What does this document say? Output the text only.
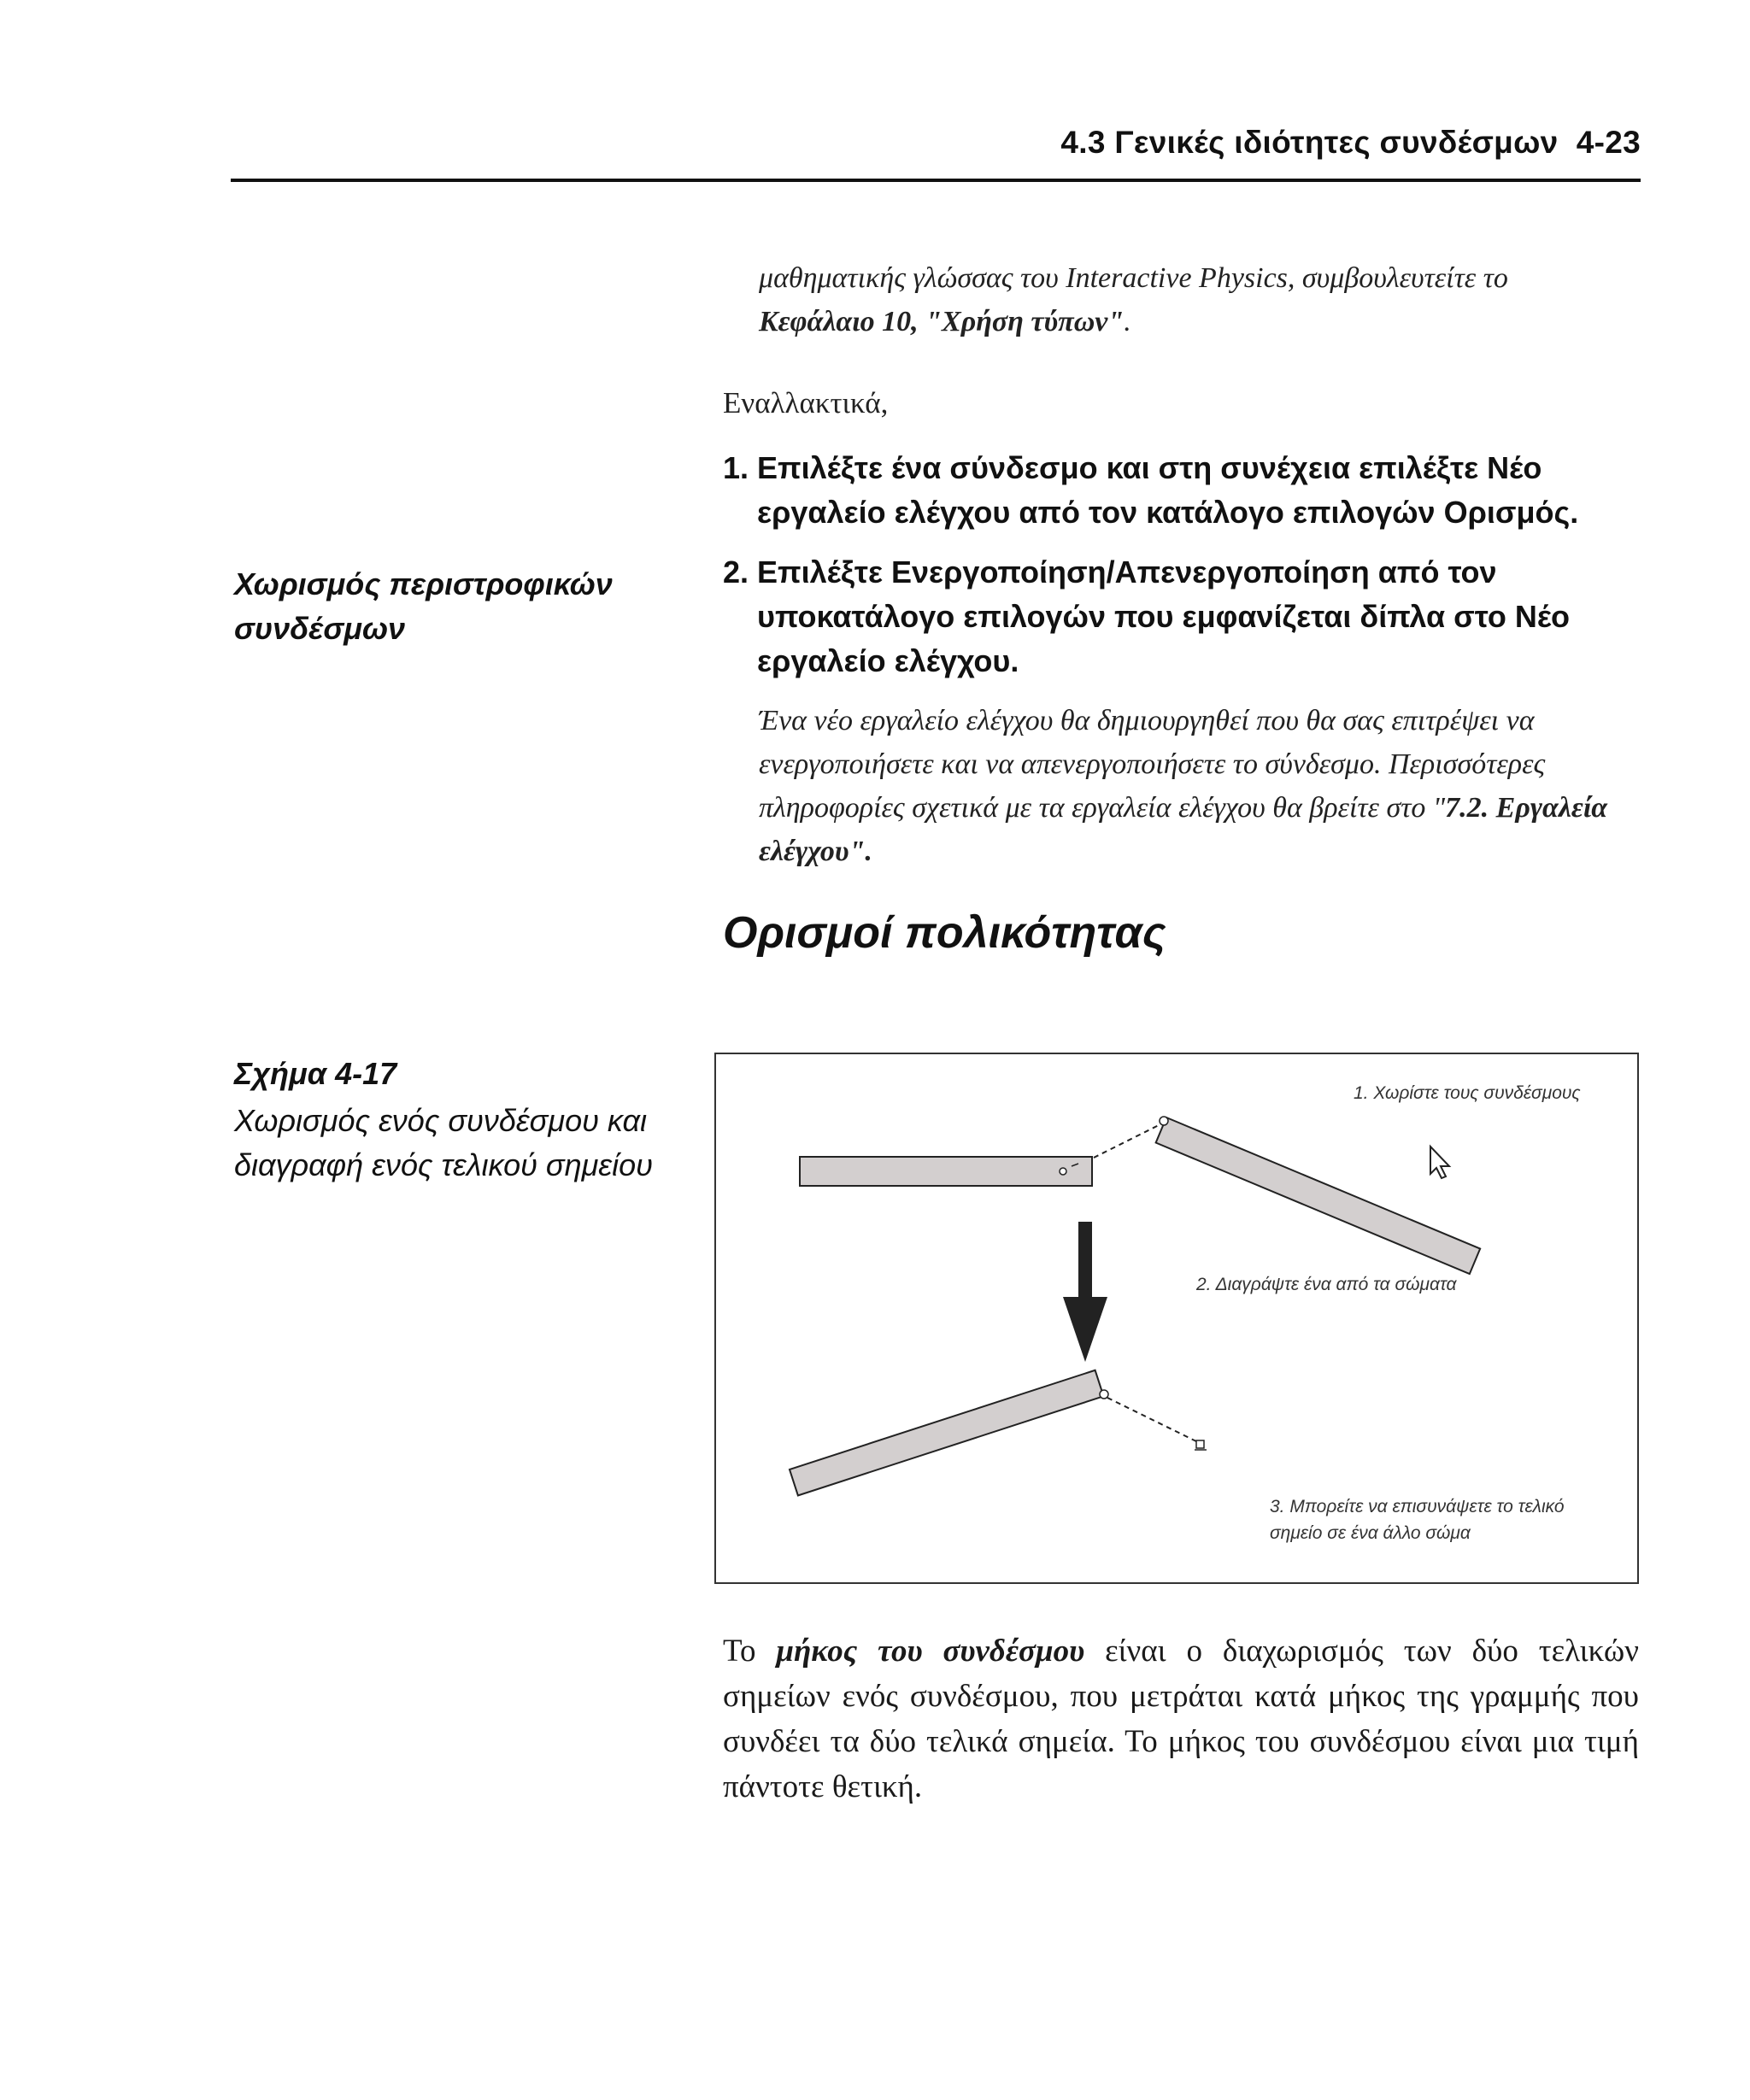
4.3 Γενικές ιδιότητες συνδέσμων 4-23
μαθηματικής γλώσσας του Interactive Physics, συμβουλευτείτε το
Κεφάλαιο 10, "Χρήση τύπων".
Εναλλακτικά,
1. Επιλέξτε ένα σύνδεσμο και στη συνέχεια επιλέξτε Νέο εργαλείο ελέγχου από τον κατάλογο επιλογών Ορισμός.
2. Επιλέξτε Ενεργοποίηση/Απενεργοποίηση από τον υποκατάλογο επιλογών που εμφανίζεται δίπλα στο Νέο εργαλείο ελέγχου.
Χωρισμός περιστροφικών συνδέσμων
Ένα νέο εργαλείο ελέγχου θα δημιουργηθεί που θα σας επιτρέψει να ενεργοποιήσετε και να απενεργοποιήσετε το σύνδεσμο. Περισσότερες πληροφορίες σχετικά με τα εργαλεία ελέγχου θα βρείτε στο "7.2. Εργαλεία ελέγχου".
Ορισμοί πολικότητας
Σχήμα 4-17
Χωρισμός ενός συνδέσμου και διαγραφή ενός τελικού σημείου
1. Χωρίστε τους συνδέσμους
2. Διαγράψτε ένα από τα σώματα
3. Μπορείτε να επισυνάψετε το τελικό σημείο σε ένα άλλο σώμα
Το μήκος του συνδέσμου είναι ο διαχωρισμός των δύο τελικών σημείων ενός συνδέσμου, που μετράται κατά μήκος της γραμμής που συνδέει τα δύο τελικά σημεία. Το μήκος του συνδέσμου είναι μια τιμή πάντοτε θετική.
